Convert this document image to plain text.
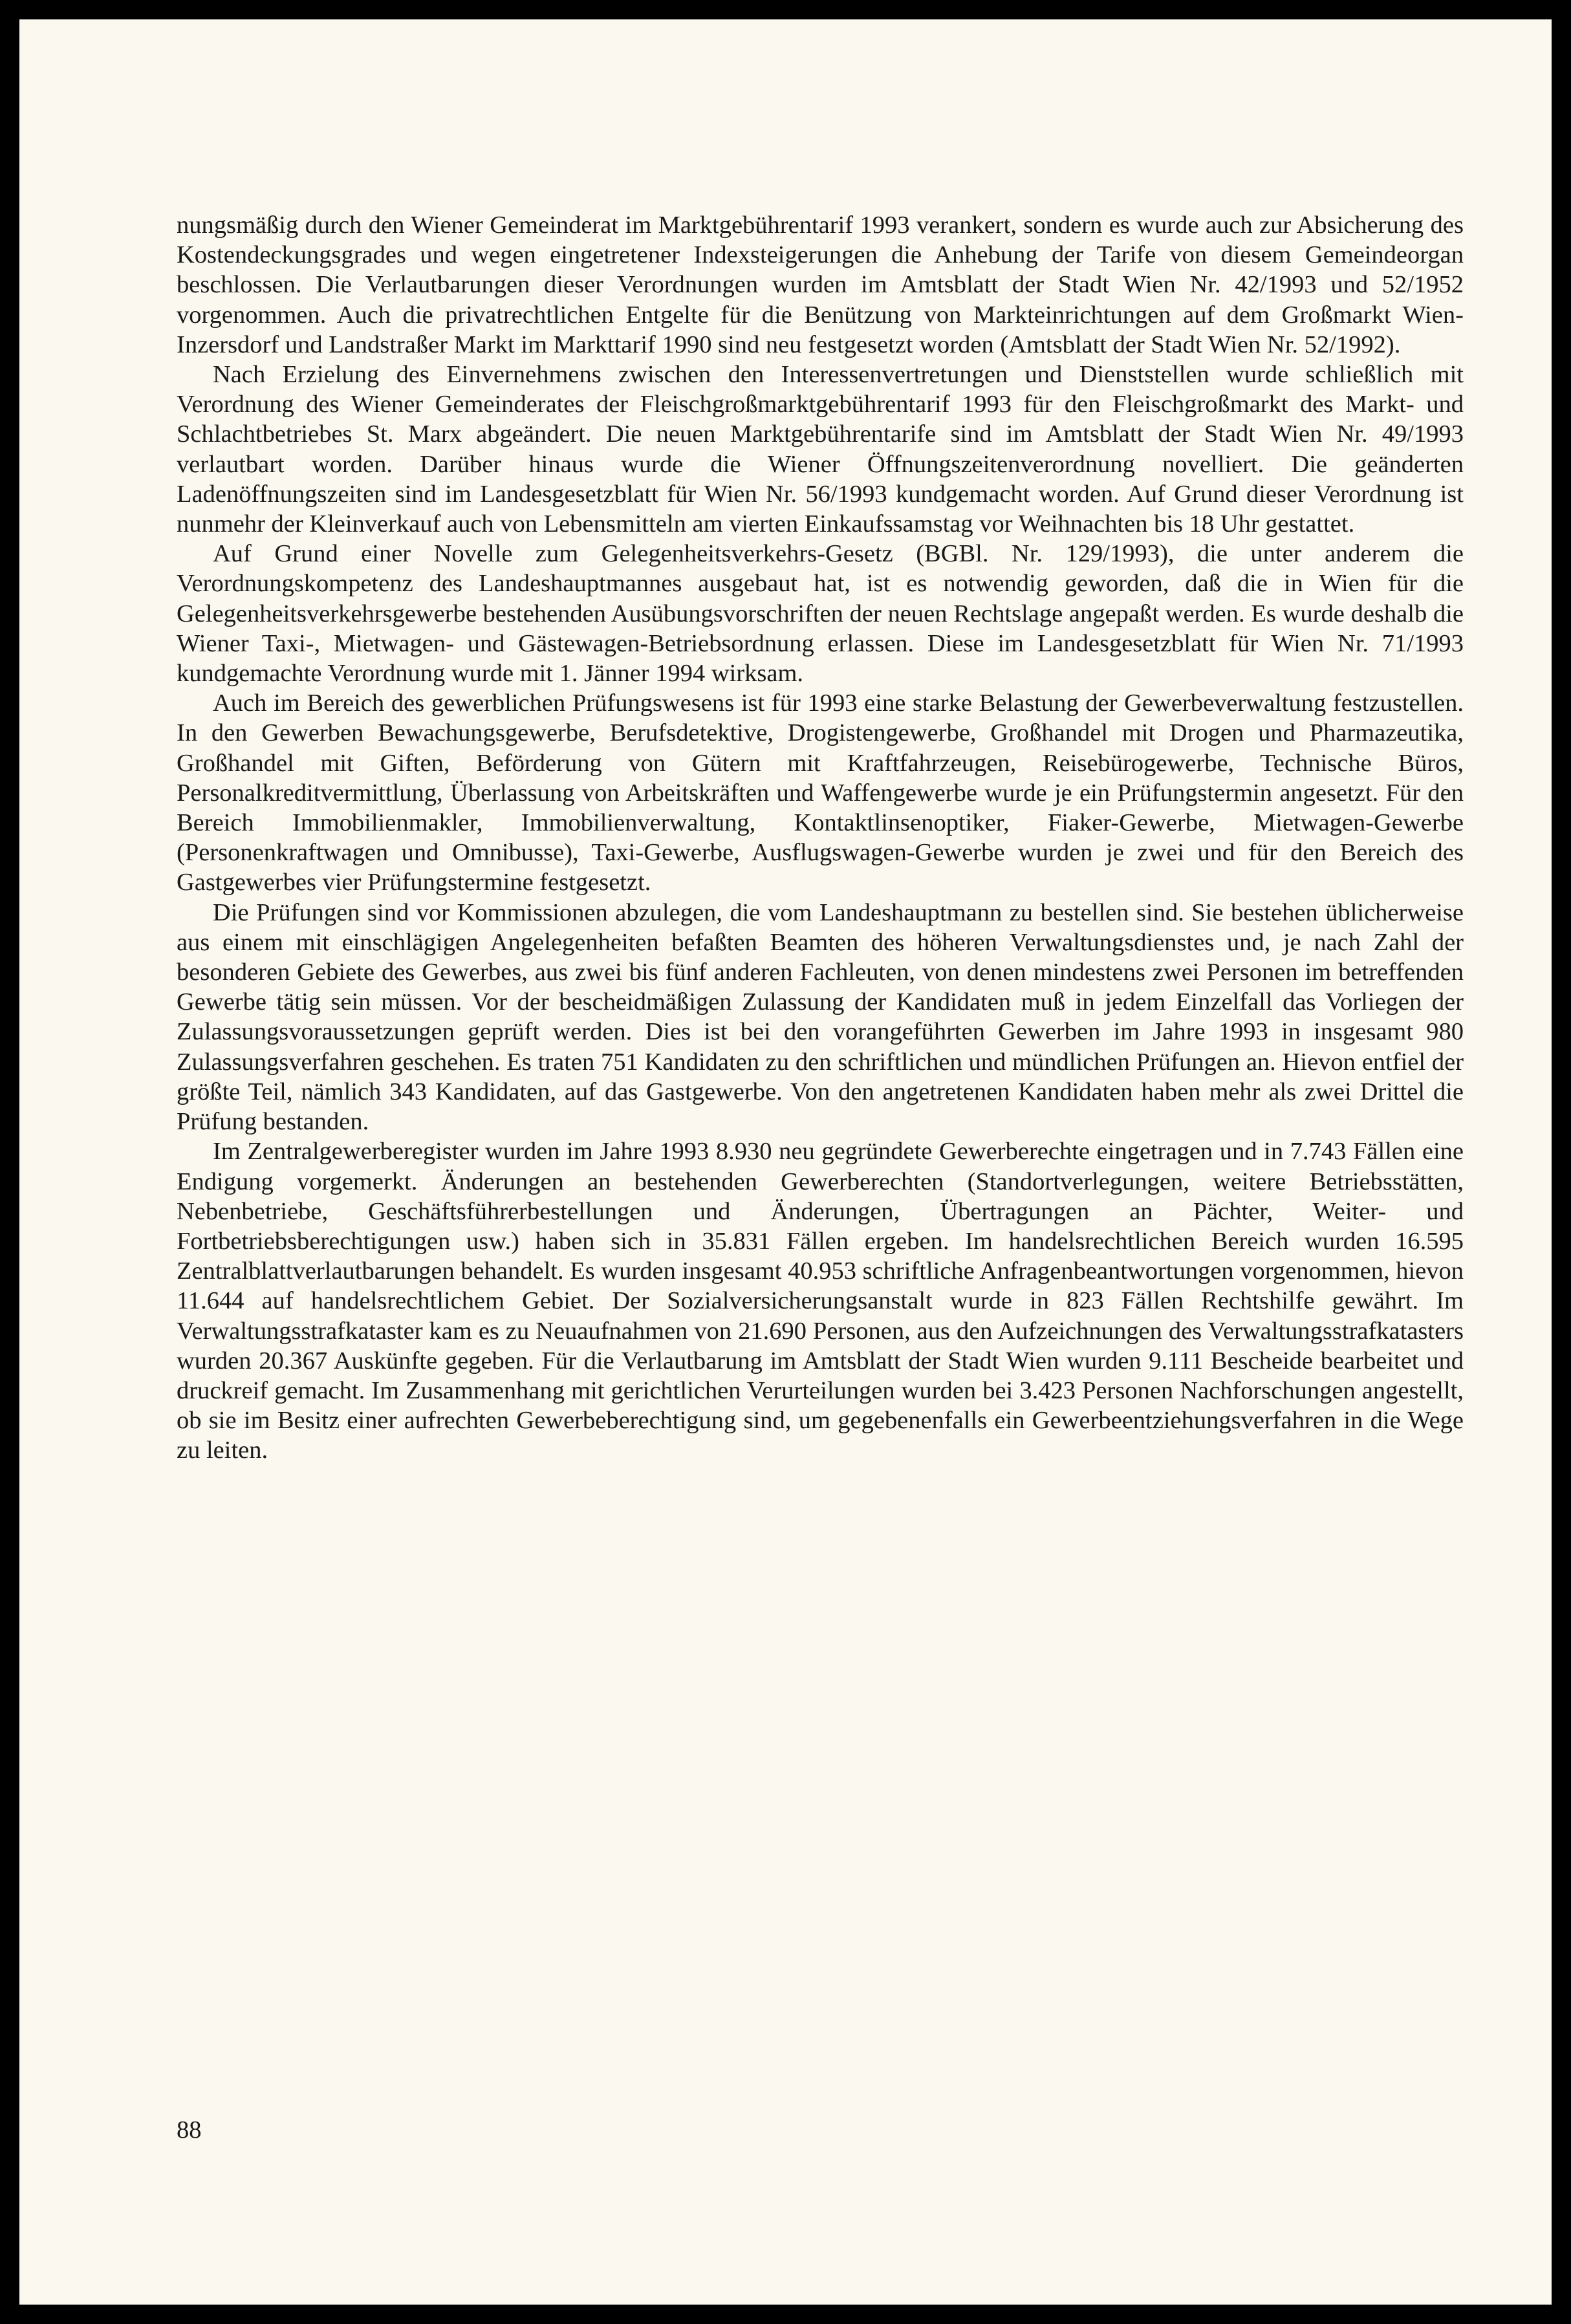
nungsmäßig durch den Wiener Gemeinderat im Marktgebührentarif 1993 verankert, sondern es wurde auch zur Absicherung des Kostendeckungsgrades und wegen eingetretener Indexsteigerungen die Anhebung der Tarife von diesem Gemeindeorgan beschlossen. Die Verlautbarungen dieser Verordnungen wurden im Amtsblatt der Stadt Wien Nr. 42/1993 und 52/1952 vorgenommen. Auch die privatrechtlichen Entgelte für die Benützung von Markteinrichtungen auf dem Großmarkt Wien-Inzersdorf und Landstraßer Markt im Markttarif 1990 sind neu festgesetzt worden (Amtsblatt der Stadt Wien Nr. 52/1992).

Nach Erzielung des Einvernehmens zwischen den Interessenvertretungen und Dienststellen wurde schließlich mit Verordnung des Wiener Gemeinderates der Fleischgroßmarktgebührentarif 1993 für den Fleischgroßmarkt des Markt- und Schlachtbetriebes St. Marx abgeändert. Die neuen Marktgebührentarife sind im Amtsblatt der Stadt Wien Nr. 49/1993 verlautbart worden. Darüber hinaus wurde die Wiener Öffnungszeitenverordnung novelliert. Die geänderten Ladenöffnungszeiten sind im Landesgesetzblatt für Wien Nr. 56/1993 kundgemacht worden. Auf Grund dieser Verordnung ist nunmehr der Kleinverkauf auch von Lebensmitteln am vierten Einkaufssamstag vor Weihnachten bis 18 Uhr gestattet.

Auf Grund einer Novelle zum Gelegenheitsverkehrs-Gesetz (BGBl. Nr. 129/1993), die unter anderem die Verordnungskompetenz des Landeshauptmannes ausgebaut hat, ist es notwendig geworden, daß die in Wien für die Gelegenheitsverkehrsgewerbe bestehenden Ausübungsvorschriften der neuen Rechtslage angepaßt werden. Es wurde deshalb die Wiener Taxi-, Mietwagen- und Gästewagen-Betriebsordnung erlassen. Diese im Landesgesetzblatt für Wien Nr. 71/1993 kundgemachte Verordnung wurde mit 1. Jänner 1994 wirksam.

Auch im Bereich des gewerblichen Prüfungswesens ist für 1993 eine starke Belastung der Gewerbeverwaltung festzustellen. In den Gewerben Bewachungsgewerbe, Berufsdetektive, Drogistengewerbe, Großhandel mit Drogen und Pharmazeutika, Großhandel mit Giften, Beförderung von Gütern mit Kraftfahrzeugen, Reisebürogewerbe, Technische Büros, Personalkreditvermittlung, Überlassung von Arbeitskräften und Waffengewerbe wurde je ein Prüfungstermin angesetzt. Für den Bereich Immobilienmakler, Immobilienverwaltung, Kontaktlinsenoptiker, Fiaker-Gewerbe, Mietwagen-Gewerbe (Personenkraftwagen und Omnibusse), Taxi-Gewerbe, Ausflugswagen-Gewerbe wurden je zwei und für den Bereich des Gastgewerbes vier Prüfungstermine festgesetzt.

Die Prüfungen sind vor Kommissionen abzulegen, die vom Landeshauptmann zu bestellen sind. Sie bestehen üblicherweise aus einem mit einschlägigen Angelegenheiten befaßten Beamten des höheren Verwaltungsdienstes und, je nach Zahl der besonderen Gebiete des Gewerbes, aus zwei bis fünf anderen Fachleuten, von denen mindestens zwei Personen im betreffenden Gewerbe tätig sein müssen. Vor der bescheidmäßigen Zulassung der Kandidaten muß in jedem Einzelfall das Vorliegen der Zulassungsvoraussetzungen geprüft werden. Dies ist bei den vorangeführten Gewerben im Jahre 1993 in insgesamt 980 Zulassungsverfahren geschehen. Es traten 751 Kandidaten zu den schriftlichen und mündlichen Prüfungen an. Hievon entfiel der größte Teil, nämlich 343 Kandidaten, auf das Gastgewerbe. Von den angetretenen Kandidaten haben mehr als zwei Drittel die Prüfung bestanden.

Im Zentralgewerberegister wurden im Jahre 1993 8.930 neu gegründete Gewerberechte eingetragen und in 7.743 Fällen eine Endigung vorgemerkt. Änderungen an bestehenden Gewerberechten (Standortverlegungen, weitere Betriebsstätten, Nebenbetriebe, Geschäftsführerbestellungen und Änderungen, Übertragungen an Pächter, Weiter- und Fortbetriebsberechtigungen usw.) haben sich in 35.831 Fällen ergeben. Im handelsrechtlichen Bereich wurden 16.595 Zentralblattverlautbarungen behandelt. Es wurden insgesamt 40.953 schriftliche Anfragenbeantwortungen vorgenommen, hievon 11.644 auf handelsrechtlichem Gebiet. Der Sozialversicherungsanstalt wurde in 823 Fällen Rechtshilfe gewährt. Im Verwaltungsstrafkataster kam es zu Neuaufnahmen von 21.690 Personen, aus den Aufzeichnungen des Verwaltungsstrafkatasters wurden 20.367 Auskünfte gegeben. Für die Verlautbarung im Amtsblatt der Stadt Wien wurden 9.111 Bescheide bearbeitet und druckreif gemacht. Im Zusammenhang mit gerichtlichen Verurteilungen wurden bei 3.423 Personen Nachforschungen angestellt, ob sie im Besitz einer aufrechten Gewerbeberechtigung sind, um gegebenenfalls ein Gewerbeentziehungsverfahren in die Wege zu leiten.

88
